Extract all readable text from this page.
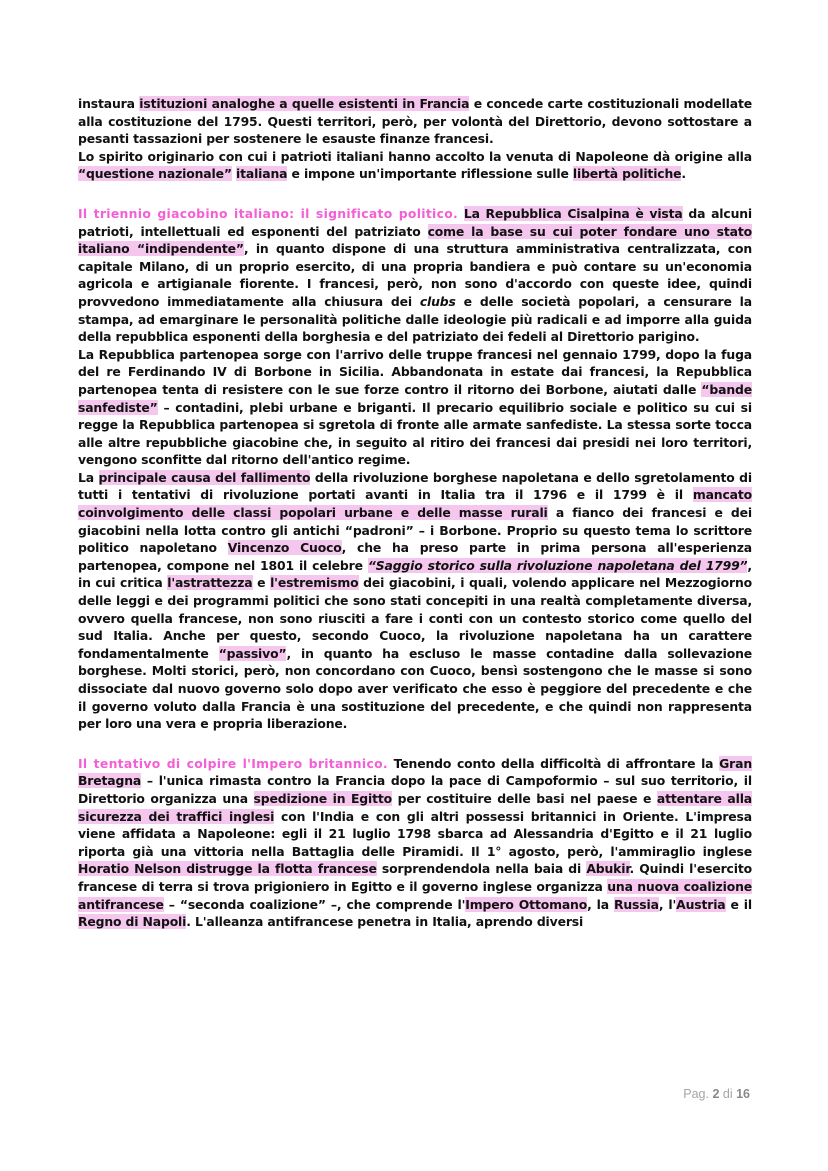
instaura istituzioni analoghe a quelle esistenti in Francia e concede carte costituzionali modellate alla costituzione del 1795. Questi territori, però, per volontà del Direttorio, devono sottostare a pesanti tassazioni per sostenere le esauste finanze francesi.

Lo spirito originario con cui i patrioti italiani hanno accolto la venuta di Napoleone dà origine alla “questione nazionale” italiana e impone un'importante riflessione sulle libertà politiche.

Il triennio giacobino italiano: il significato politico. La Repubblica Cisalpina è vista da alcuni patrioti, intellettuali ed esponenti del patriziato come la base su cui poter fondare uno stato italiano “indipendente”, in quanto dispone di una struttura amministrativa centralizzata, con capitale Milano, di un proprio esercito, di una propria bandiera e può contare su un'economia agricola e artigianale fiorente. I francesi, però, non sono d'accordo con queste idee, quindi provvedono immediatamente alla chiusura dei clubs e delle società popolari, a censurare la stampa, ad emarginare le personalità politiche dalle ideologie più radicali e ad imporre alla guida della repubblica esponenti della borghesia e del patriziato dei fedeli al Direttorio parigino.

La Repubblica partenopea sorge con l'arrivo delle truppe francesi nel gennaio 1799, dopo la fuga del re Ferdinando IV di Borbone in Sicilia. Abbandonata in estate dai francesi, la Repubblica partenopea tenta di resistere con le sue forze contro il ritorno dei Borbone, aiutati dalle “bande sanfediste” – contadini, plebi urbane e briganti. Il precario equilibrio sociale e politico su cui si regge la Repubblica partenopea si sgretola di fronte alle armate sanfediste. La stessa sorte tocca alle altre repubbliche giacobine che, in seguito al ritiro dei francesi dai presidi nei loro territori, vengono sconfitte dal ritorno dell'antico regime.

La principale causa del fallimento della rivoluzione borghese napoletana e dello sgretolamento di tutti i tentativi di rivoluzione portati avanti in Italia tra il 1796 e il 1799 è il mancato coinvolgimento delle classi popolari urbane e delle masse rurali a fianco dei francesi e dei giacobini nella lotta contro gli antichi “padroni” – i Borbone. Proprio su questo tema lo scrittore politico napoletano Vincenzo Cuoco, che ha preso parte in prima persona all'esperienza partenopea, compone nel 1801 il celebre “Saggio storico sulla rivoluzione napoletana del 1799”, in cui critica l'astrattezza e l'estremismo dei giacobini, i quali, volendo applicare nel Mezzogiorno delle leggi e dei programmi politici che sono stati concepiti in una realtà completamente diversa, ovvero quella francese, non sono riusciti a fare i conti con un contesto storico come quello del sud Italia. Anche per questo, secondo Cuoco, la rivoluzione napoletana ha un carattere fondamentalmente “passivo”, in quanto ha escluso le masse contadine dalla sollevazione borghese. Molti storici, però, non concordano con Cuoco, bensì sostengono che le masse si sono dissociate dal nuovo governo solo dopo aver verificato che esso è peggiore del precedente e che il governo voluto dalla Francia è una sostituzione del precedente, e che quindi non rappresenta per loro una vera e propria liberazione.

Il tentativo di colpire l'Impero britannico. Tenendo conto della difficoltà di affrontare la Gran Bretagna – l'unica rimasta contro la Francia dopo la pace di Campoformio – sul suo territorio, il Direttorio organizza una spedizione in Egitto per costituire delle basi nel paese e attentare alla sicurezza dei traffici inglesi con l'India e con gli altri possessi britannici in Oriente. L'impresa viene affidata a Napoleone: egli il 21 luglio 1798 sbarca ad Alessandria d'Egitto e il 21 luglio riporta già una vittoria nella Battaglia delle Piramidi. Il 1° agosto, però, l'ammiraglio inglese Horatio Nelson distrugge la flotta francese sorprendendola nella baia di Abukir. Quindi l'esercito francese di terra si trova prigioniero in Egitto e il governo inglese organizza una nuova coalizione antifrancese – “seconda coalizione” –, che comprende l'Impero Ottomano, la Russia, l'Austria e il Regno di Napoli. L'alleanza antifrancese penetra in Italia, aprendo diversi

Pag. 2 di 16
